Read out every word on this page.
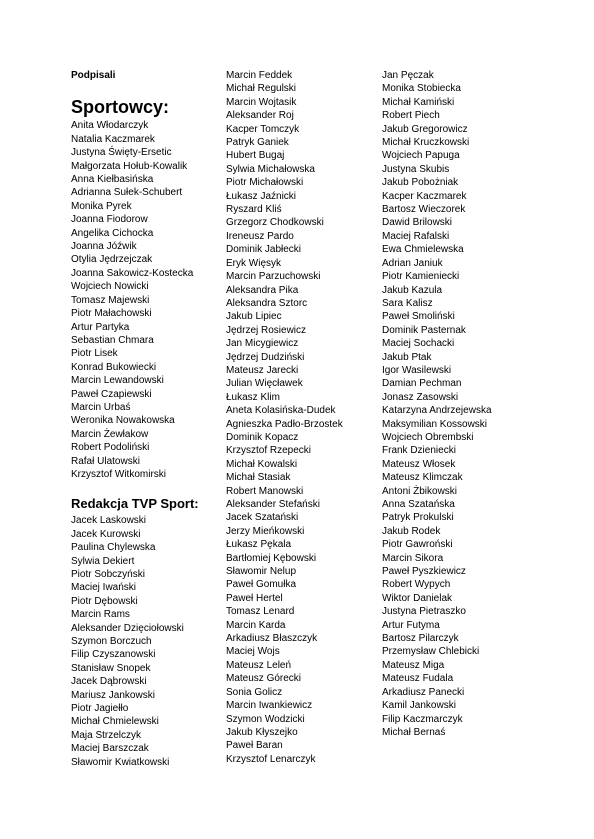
Podpisali
Sportowcy:
Anita Włodarczyk
Natalia Kaczmarek
Justyna Święty-Ersetic
Małgorzata Hołub-Kowalik
Anna Kiełbasińska
Adrianna Sułek-Schubert
Monika Pyrek
Joanna Fiodorow
Angelika Cichocka
Joanna Jóźwik
Otylia Jędrzejczak
Joanna Sakowicz-Kostecka
Wojciech Nowicki
Tomasz Majewski
Piotr Małachowski
Artur Partyka
Sebastian Chmara
Piotr Lisek
Konrad Bukowiecki
Marcin Lewandowski
Paweł Czapiewski
Marcin Urbaś
Weronika Nowakowska
Marcin Żewłakow
Robert Podoliński
Rafał Ulatowski
Krzysztof Witkomirski
Redakcja TVP Sport:
Jacek Laskowski
Jacek Kurowski
Paulina Chylewska
Sylwia Dekiert
Piotr Sobczyński
Maciej Iwański
Piotr Dębowski
Marcin Rams
Aleksander Dzięciołowski
Szymon Borczuch
Filip Czyszanowski
Stanisław Snopek
Jacek Dąbrowski
Mariusz Jankowski
Piotr Jagiełło
Michał Chmielewski
Maja Strzelczyk
Maciej Barszczak
Sławomir Kwiatkowski
Marcin Feddek
Michał Regulski
Marcin Wojtasik
Aleksander Roj
Kacper Tomczyk
Patryk Ganiek
Hubert Bugaj
Sylwia Michałowska
Piotr Michałowski
Łukasz Jaźnicki
Ryszard Kliś
Grzegorz Chodkowski
Ireneusz Pardo
Dominik Jabłecki
Eryk Więsyk
Marcin Parzuchowski
Aleksandra Pika
Aleksandra Sztorc
Jakub Lipiec
Jędrzej Rosiewicz
Jan Micygiewicz
Jędrzej Dudziński
Mateusz Jarecki
Julian Więcławek
Łukasz Klim
Aneta Kolasińska-Dudek
Agnieszka Padło-Brzostek
Dominik Kopacz
Krzysztof Rzepecki
Michał Kowalski
Michał Stasiak
Robert Manowski
Aleksander Stefański
Jacek Szatański
Jerzy Mieńkowski
Łukasz Pękala
Bartłomiej Kębowski
Sławomir Nelup
Paweł Gomułka
Paweł Hertel
Tomasz Lenard
Marcin Karda
Arkadiusz Błaszczyk
Maciej Wojs
Mateusz Leleń
Mateusz Górecki
Sonia Golicz
Marcin Iwankiewicz
Szymon Wodzicki
Jakub Kłyszejko
Paweł Baran
Krzysztof Lenarczyk
Jan Pęczak
Monika Stobiecka
Michał Kamiński
Robert Piech
Jakub Gregorowicz
Michał Kruczkowski
Wojciech Papuga
Justyna Skubis
Jakub Pobożniak
Kacper Kaczmarek
Bartosz Wieczorek
Dawid Brilowski
Maciej Rafalski
Ewa Chmielewska
Adrian Janiuk
Piotr Kamieniecki
Jakub Kazula
Sara Kalisz
Paweł Smoliński
Dominik Pasternak
Maciej Sochacki
Jakub Ptak
Igor Wasilewski
Damian Pechman
Jonasz Zasowski
Katarzyna Andrzejewska
Maksymilian Kossowski
Wojciech Obrembski
Frank Dzieniecki
Mateusz Włosek
Mateusz Klimczak
Antoni Żbikowski
Anna Szatańska
Patryk Prokulski
Jakub Rodek
Piotr Gawroński
Marcin Sikora
Paweł Pyszkiewicz
Robert Wypych
Wiktor Danielak
Justyna Pietraszko
Artur Futyma
Bartosz Pilarczyk
Przemysław Chlebicki
Mateusz Miga
Mateusz Fudala
Arkadiusz Panecki
Kamil Jankowski
Filip Kaczmarczyk
Michał Bernaś
